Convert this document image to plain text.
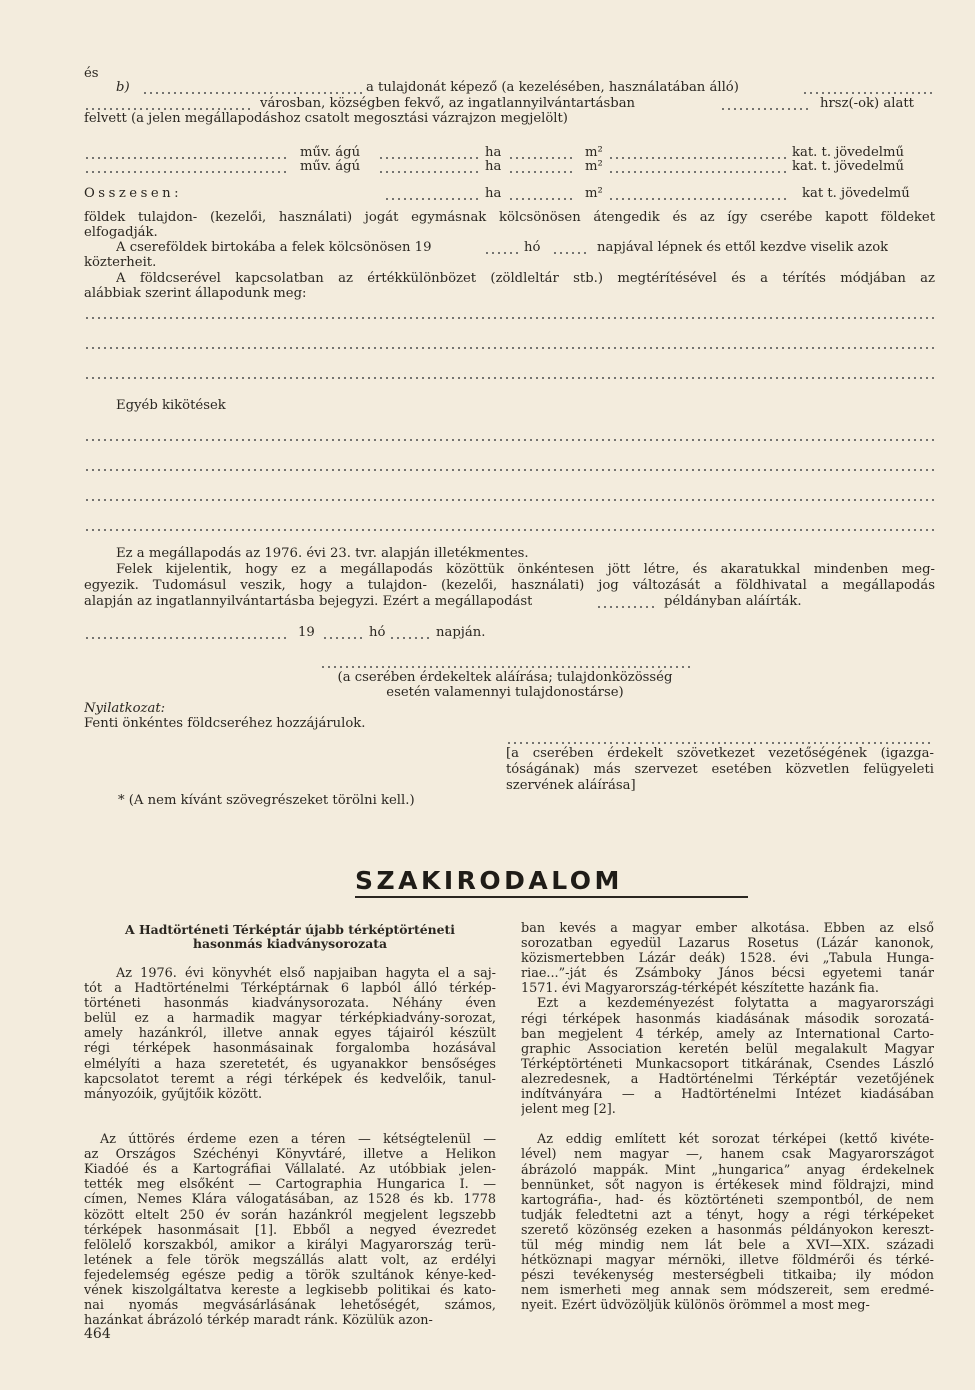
és
b)	a tulajdonát képező (a kezelésében, használatában álló)
városban, községben fekvő, az ingatlannyilvántartásban	hrsz(-ok) alatt
felvett (a jelen megállapodáshoz csatolt megosztási vázrajzon megjelölt)
műv. ágú	ha	m²	kat. t. jövedelmű
műv. ágú	ha	m²	kat. t. jövedelmű
Összesen:	ha	m²	kat t. jövedelmű
földek tulajdon- (kezelői, használati) jogát egymásnak kölcsönösen átengedik és az így cserébe kapott földeket
elfogadják.
A csereföldek birtokába a felek kölcsönösen 19	hó	napjával lépnek és ettől kezdve viselik azok
közterheit.
A földcserével kapcsolatban az értékkülönbözet (zöldleltár stb.) megtérítésével és a térítés módjában az
alábbiak szerint állapodunk meg:
Egyéb kikötések
Ez a megállapodás az 1976. évi 23. tvr. alapján illetékmentes.
Felek kijelentik, hogy ez a megállapodás közöttük önkéntesen jött létre, és akaratukkal mindenben meg-
egyezik. Tudomásul veszik, hogy a tulajdon- (kezelői, használati) jog változását a földhivatal a megállapodás
alapján az ingatlannyilvántartásba bejegyzi. Ezért a megállapodást	példányban aláírták.
19	hó	napján.
(a cserében érdekeltek aláírása; tulajdonközösség
esetén valamennyi tulajdonostárse)
Nyilatkozat:
Fenti önkéntes földcseréhez hozzájárulok.
[a cserében érdekelt szövetkezet vezetőségének (igazga-
tóságának) más szervezet esetében közvetlen felügyeleti
szervének aláírása]
* (A nem kívánt szövegrészeket törölni kell.)
SZAKIRODALOM
A Hadtörténeti Térképtár újabb térképtörténeti
hasonmás kiadványsorozata
Az 1976. évi könyvhét első napjaiban hagyta el a saj-
tót a Hadtörténelmi Térképtárnak 6 lapból álló térkép-
történeti hasonmás kiadványsorozata. Néhány éven
belül ez a harmadik magyar térképkiadvány-sorozat,
amely hazánkról, illetve annak egyes tájairól készült
régi térképek hasonmásainak forgalomba hozásával
elmélyíti a haza szeretetét, és ugyanakkor bensőséges
kapcsolatot teremt a régi térképek és kedvelőik, tanul-
mányozóik, gyűjtőik között.

Az úttörés érdeme ezen a téren — kétségtelenül —
az Országos Széchényi Könyvtáré, illetve a Helikon
Kiadóé és a Kartográfiai Vállalaté. Az utóbbiak jelen-
tették meg elsőként — Cartographia Hungarica I. —
címen, Nemes Klára válogatásában, az 1528 és kb. 1778
között eltelt 250 év során hazánkról megjelent legszebb
térképek hasonmásait [1]. Ebből a negyed évezredet
felölelő korszakból, amikor a királyi Magyarország terü-
letének a fele török megszállás alatt volt, az erdélyi
fejedelemség egésze pedig a török szultánok kénye-ked-
vének kiszolgáltatva kereste a legkisebb politikai és kato-
nai nyomás megvásárlásának lehetőségét, számos,
hazánkat ábrázoló térkép maradt ránk. Közülük azon-

ban kevés a magyar ember alkotása. Ebben az első
sorozatban egyedül Lazarus Rosetus (Lázár kanonok,
közismertebben Lázár deák) 1528. évi „Tabula Hunga-
riae...”-ját és Zsámboky János bécsi egyetemi tanár
1571. évi Magyarország-térképét készítette hazánk fia.
Ezt a kezdeményezést folytatta a magyarországi
régi térképek hasonmás kiadásának második sorozatá-
ban megjelent 4 térkép, amely az International Carto-
graphic Association keretén belül megalakult Magyar
Térképtörténeti Munkacsoport titkárának, Csendes László
alezredesnek, a Hadtörténelmi Térképtár vezetőjének
indítványára — a Hadtörténelmi Intézet kiadásában
jelent meg [2].

Az eddig említett két sorozat térképei (kettő kivéte-
lével) nem magyar —, hanem csak Magyarországot
ábrázoló mappák. Mint „hungarica” anyag érdekelnek
bennünket, sőt nagyon is értékesek mind földrajzi, mind
kartográfia-, had- és köztörténeti szempontból, de nem
tudják feledtetni azt a tényt, hogy a régi térképeket
szerető közönség ezeken a hasonmás példányokon kereszt-
tül még mindig nem lát bele a XVI—XIX. századi
hétköznapi magyar mérnöki, illetve földmérői és térké-
pészi tevékenység mesterségbeli titkaiba; ily módon
nem ismerheti meg annak sem módszereit, sem eredmé-
nyeit. Ezért üdvözöljük különös örömmel a most meg-

464
